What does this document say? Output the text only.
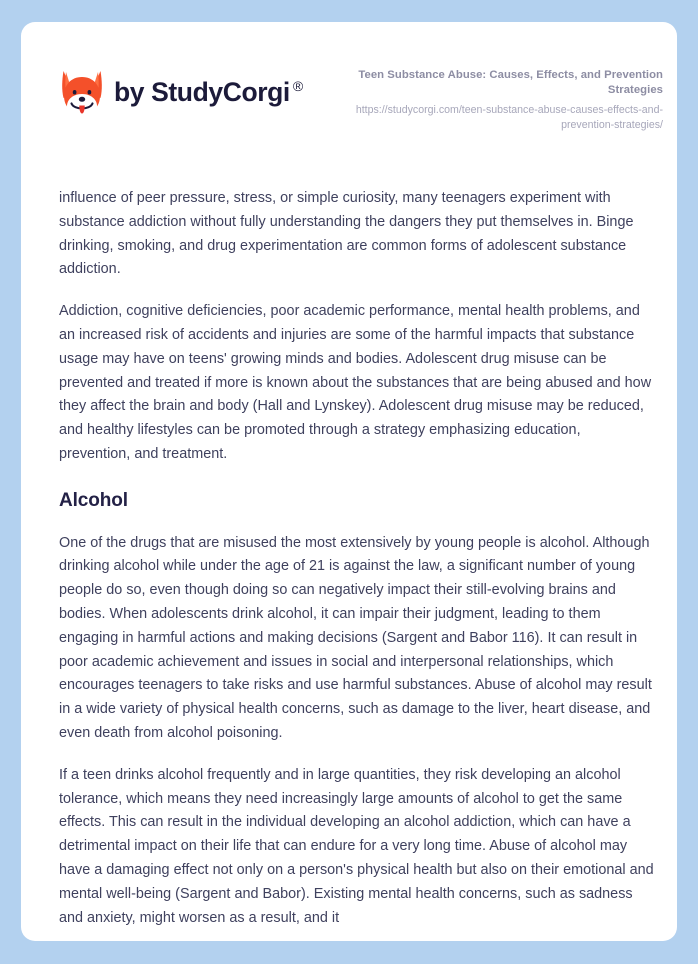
by StudyCorgi ®
Teen Substance Abuse: Causes, Effects, and Prevention Strategies
https://studycorgi.com/teen-substance-abuse-causes-effects-and-prevention-strategies/

influence of peer pressure, stress, or simple curiosity, many teenagers experiment with substance addiction without fully understanding the dangers they put themselves in. Binge drinking, smoking, and drug experimentation are common forms of adolescent substance addiction.

Addiction, cognitive deficiencies, poor academic performance, mental health problems, and an increased risk of accidents and injuries are some of the harmful impacts that substance usage may have on teens' growing minds and bodies. Adolescent drug misuse can be prevented and treated if more is known about the substances that are being abused and how they affect the brain and body (Hall and Lynskey). Adolescent drug misuse may be reduced, and healthy lifestyles can be promoted through a strategy emphasizing education, prevention, and treatment.

Alcohol

One of the drugs that are misused the most extensively by young people is alcohol. Although drinking alcohol while under the age of 21 is against the law, a significant number of young people do so, even though doing so can negatively impact their still-evolving brains and bodies. When adolescents drink alcohol, it can impair their judgment, leading to them engaging in harmful actions and making decisions (Sargent and Babor 116). It can result in poor academic achievement and issues in social and interpersonal relationships, which encourages teenagers to take risks and use harmful substances. Abuse of alcohol may result in a wide variety of physical health concerns, such as damage to the liver, heart disease, and even death from alcohol poisoning.

If a teen drinks alcohol frequently and in large quantities, they risk developing an alcohol tolerance, which means they need increasingly large amounts of alcohol to get the same effects. This can result in the individual developing an alcohol addiction, which can have a detrimental impact on their life that can endure for a very long time. Abuse of alcohol may have a damaging effect not only on a person's physical health but also on their emotional and mental well-being (Sargent and Babor). Existing mental health concerns, such as sadness and anxiety, might worsen as a result, and it
